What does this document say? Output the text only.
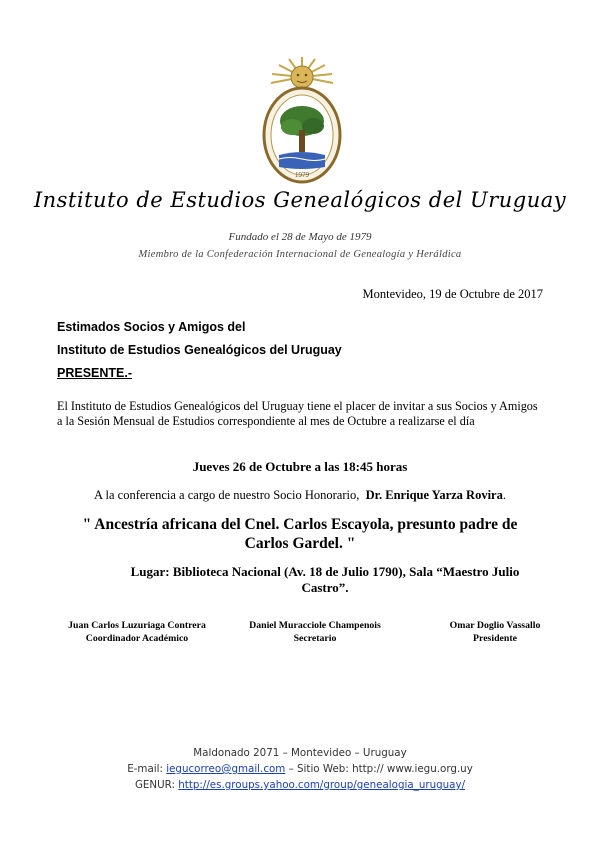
1979
Instituto de Estudios Genealógicos del Uruguay
Fundado el 28 de Mayo de 1979
Miembro de la Confederación Internacional de Genealogía y Heráldica
Montevideo, 19 de Octubre de 2017
Estimados Socios y Amigos del
Instituto de Estudios Genealógicos del Uruguay
PRESENTE.-
El Instituto de Estudios Genealógicos del Uruguay tiene el placer de invitar a sus Socios y Amigos a la Sesión Mensual de Estudios correspondiente al mes de Octubre a realizarse el día
Jueves 26 de Octubre a las 18:45 horas
A la conferencia a cargo de nuestro Socio Honorario, Dr. Enrique Yarza Rovira.
" Ancestría africana del Cnel. Carlos Escayola, presunto padre de
Carlos Gardel. "
Lugar: Biblioteca Nacional (Av. 18 de Julio 1790), Sala “Maestro Julio
Castro”.
Juan Carlos Luzuriaga Contrera
Coordinador Académico
Daniel Muracciole Champenois
Secretario
Omar Doglio Vassallo
Presidente
Maldonado 2071 – Montevideo – Uruguay
E-mail: iegucorreo@gmail.com – Sitio Web: http:// www.iegu.org.uy
GENUR: http://es.groups.yahoo.com/group/genealogia_uruguay/
